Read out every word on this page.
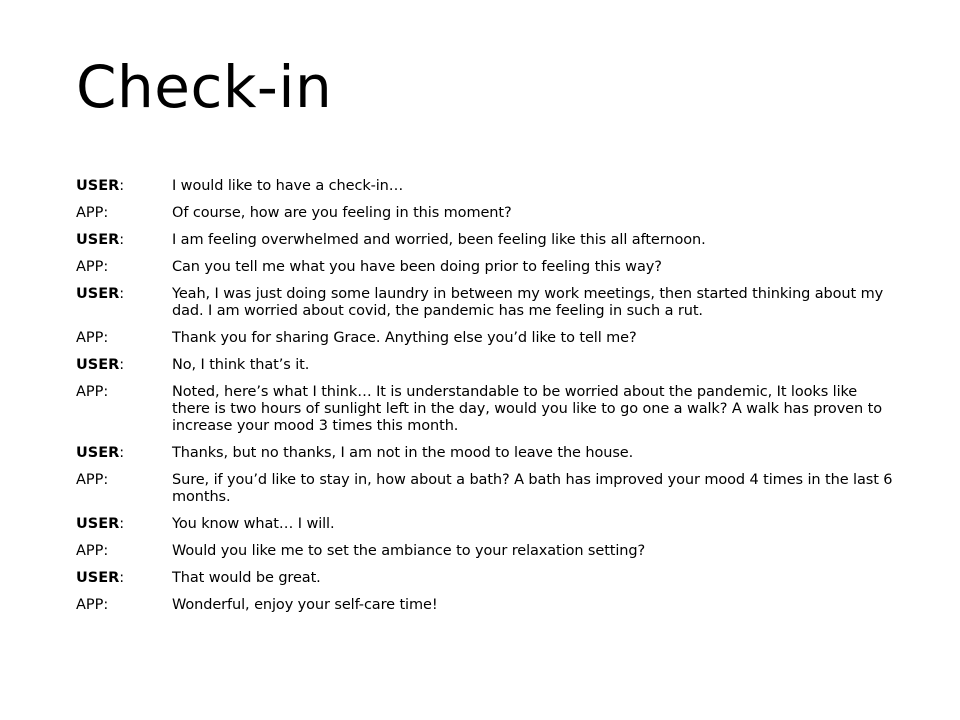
Check-in
USER:	I would like to have a check-in…
APP:	Of course, how are you feeling in this moment?
USER:	I am feeling overwhelmed and worried, been feeling like this all afternoon.
APP:	Can you tell me what you have been doing prior to feeling this way?
USER:	Yeah, I was just doing some laundry in between my work meetings, then started thinking about my dad. I am worried about covid, the pandemic has me feeling in such a rut.
APP:	Thank you for sharing Grace. Anything else you’d like to tell me?
USER:	No, I think that’s it.
APP:	Noted, here’s what I think… It is understandable to be worried about the pandemic, It looks like there is two hours of sunlight left in the day, would you like to go one a walk? A walk has proven to increase your mood 3 times this month.
USER:	Thanks, but no thanks, I am not in the mood to leave the house.
APP:	Sure, if you’d like to stay in, how about a bath? A bath has improved your mood 4 times in the last 6 months.
USER:	You know what… I will.
APP:	Would you like me to set the ambiance to your relaxation setting?
USER:	That would be great.
APP:	Wonderful, enjoy your self-care time!
